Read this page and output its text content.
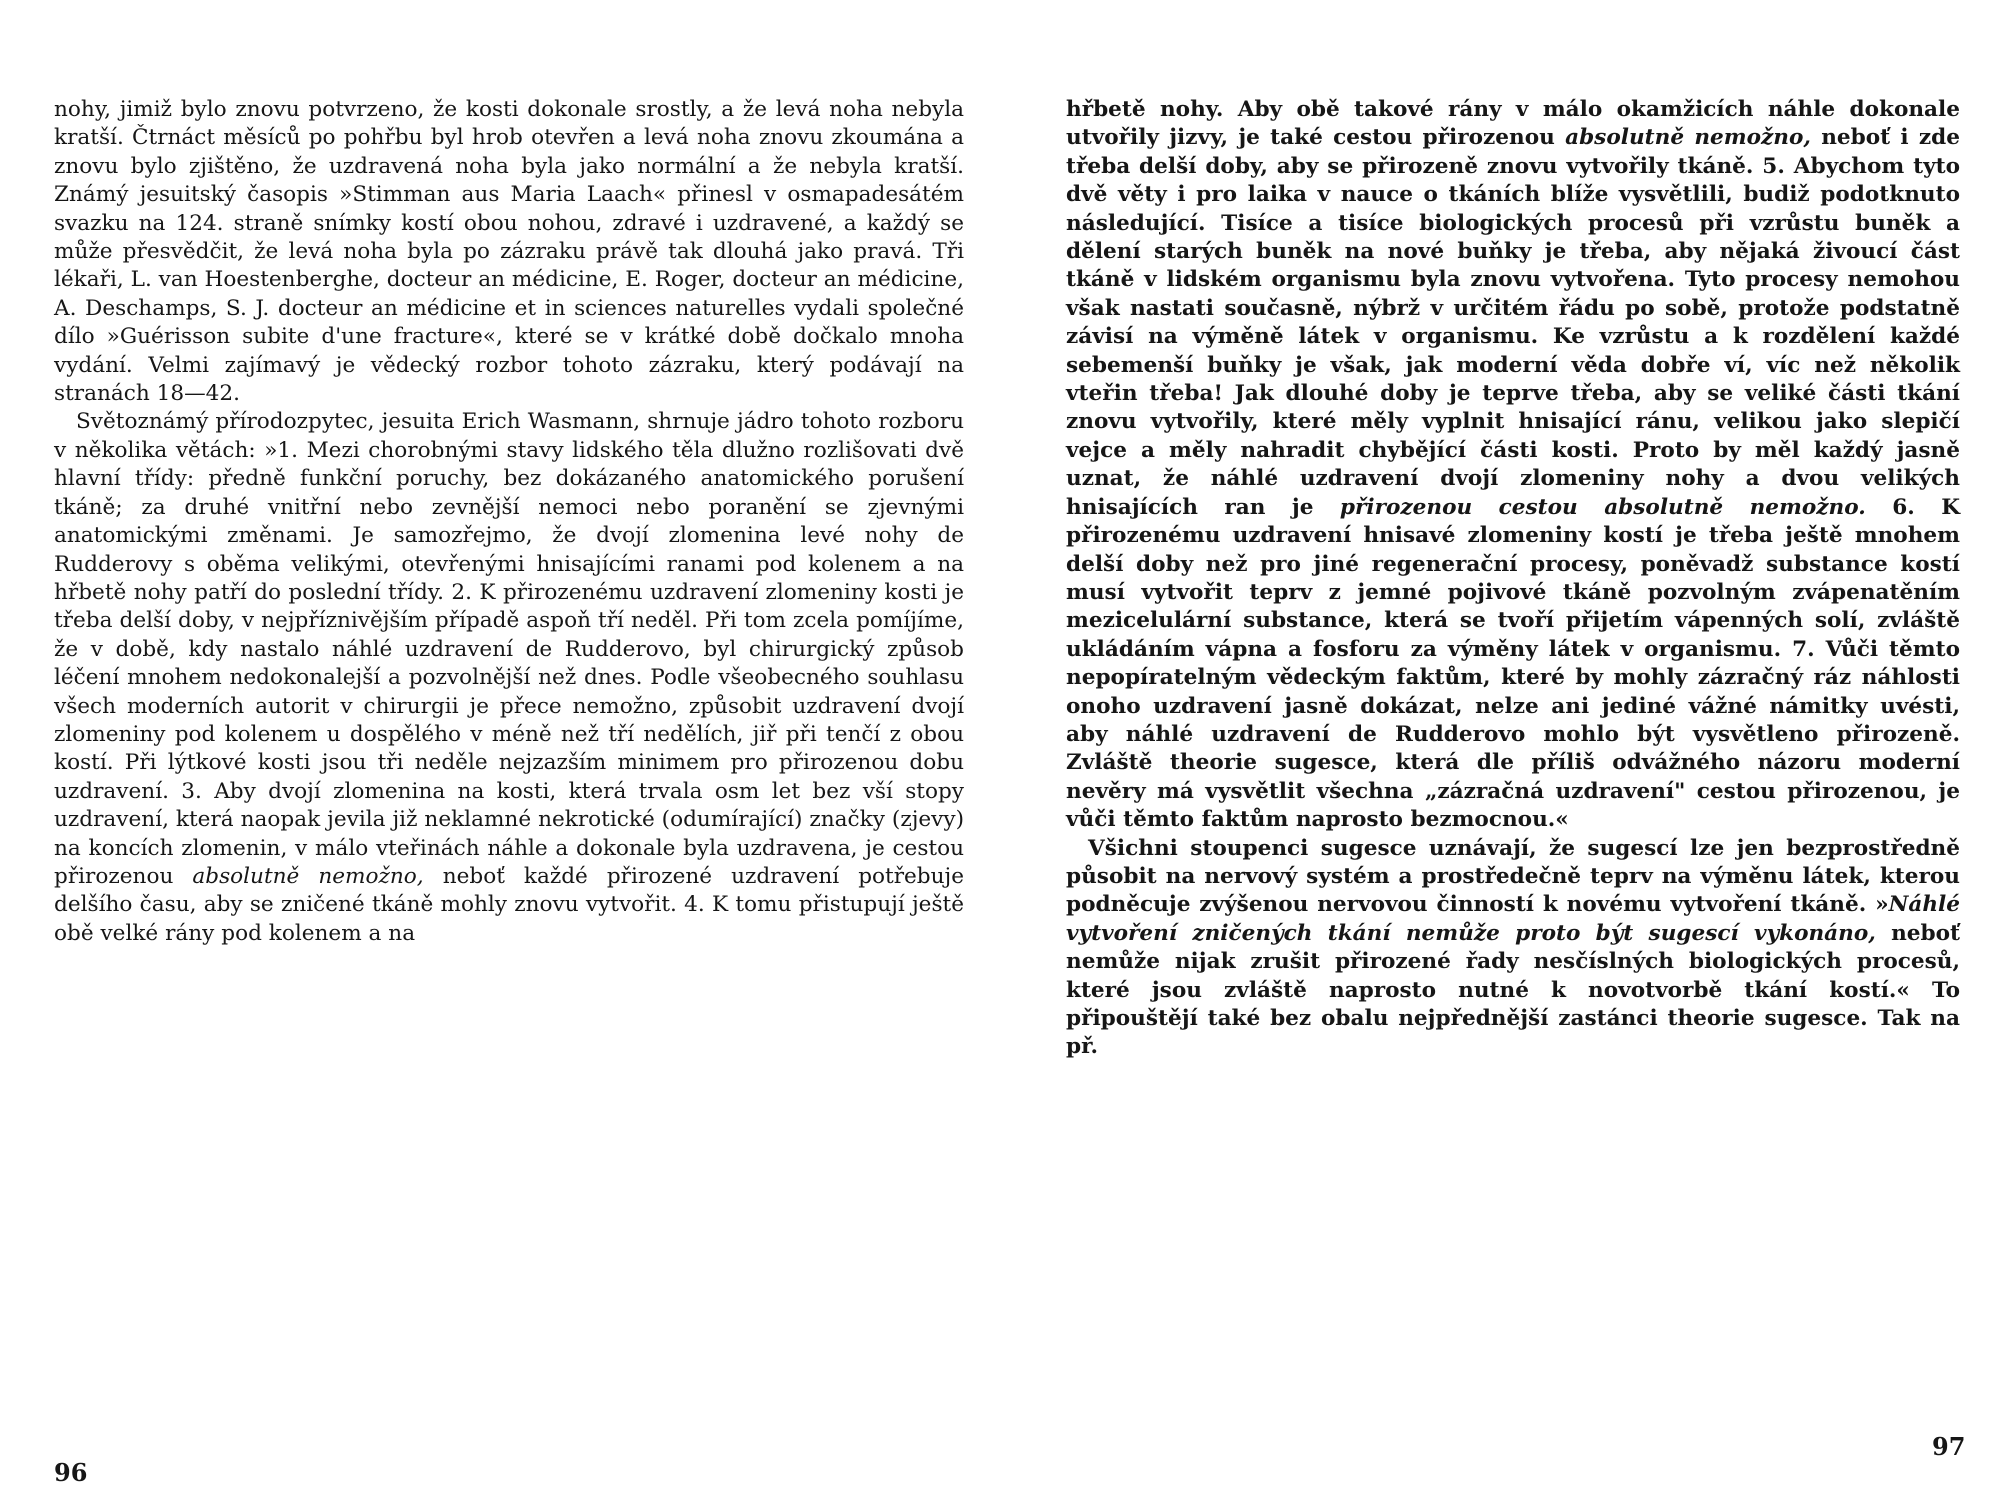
nohy, jimiž bylo znovu potvrzeno, že kosti dokonale srostly, a že levá noha nebyla kratší. Čtrnáct měsíců po pohřbu byl hrob otevřen a levá noha znovu zkoumána a znovu bylo zjištěno, že uzdravená noha byla jako normální a že nebyla kratší. Známý jesuitský časopis »Stimman aus Maria Laach« přinesl v osmapadesátém svazku na 124. straně snímky kostí obou nohou, zdravé i uzdravené, a každý se může přesvědčit, že levá noha byla po zázraku právě tak dlouhá jako pravá. Tři lékaři, L. van Hoestenberghe, docteur an médicine, E. Roger, docteur an médicine, A. Deschamps, S. J. docteur an médicine et in sciences naturelles vydali společné dílo »Guérisson subite d'une fracture«, které se v krátké době dočkalo mnoha vydání. Velmi zajímavý je vědecký rozbor tohoto zázraku, který podávají na stranách 18—42.

Světoznámý přírodozpytec, jesuita Erich Wasmann, shrnuje jádro tohoto rozboru v několika větách: »1. Mezi chorobnými stavy lidského těla dlužno rozlišovati dvě hlavní třídy: předně funkční poruchy, bez dokázaného anatomického porušení tkáně; za druhé vnitřní nebo zevnější nemoci nebo poranění se zjevnými anatomickými změnami. Je samozřejmo, že dvojí zlomenina levé nohy de Rudderovy s oběma velikými, otevřenými hnisajícími ranami pod kolenem a na hřbetě nohy patří do poslední třídy. 2. K přirozenému uzdravení zlomeniny kosti je třeba delší doby, v nejpříznivějším případě aspoň tří neděl. Při tom zcela pomíjíme, že v době, kdy nastalo náhlé uzdravení de Rudderovo, byl chirurgický způsob léčení mnohem nedokonalejší a pozvolnější než dnes. Podle všeobecného souhlasu všech moderních autorit v chirurgii je přece nemožno, způsobit uzdravení dvojí zlomeniny pod kolenem u dospělého v méně než tří nedělích, jiř při tenčí z obou kostí. Při lýtkové kosti jsou tři neděle nejzazším minimem pro přirozenou dobu uzdravení. 3. Aby dvojí zlomenina na kosti, která trvala osm let bez vší stopy uzdravení, která naopak jevila již neklamné nekrotické (odumírající) značky (zjevy) na koncích zlomenin, v málo vteřinách náhle a dokonale byla uzdravena, je cestou přirozenou absolutně nemožno, neboť každé přirozené uzdravení potřebuje delšího času, aby se zničené tkáně mohly znovu vytvořit. 4. K tomu přistupují ještě obě velké rány pod kolenem a na

96

hřbetě nohy. Aby obě takové rány v málo okamžicích náhle dokonale utvořily jizvy, je také cestou přirozenou absolutně nemožno, neboť i zde třeba delší doby, aby se přirozeně znovu vytvořily tkáně. 5. Abychom tyto dvě věty i pro laika v nauce o tkáních blíže vysvětlili, budiž podotknuto následující. Tisíce a tisíce biologických procesů při vzrůstu buněk a dělení starých buněk na nové buňky je třeba, aby nějaká živoucí část tkáně v lidském organismu byla znovu vytvořena. Tyto procesy nemohou však nastati současně, nýbrž v určitém řádu po sobě, protože podstatně závisí na výměně látek v organismu. Ke vzrůstu a k rozdělení každé sebemenší buňky je však, jak moderní věda dobře ví, víc než několik vteřin třeba! Jak dlouhé doby je teprve třeba, aby se veliké části tkání znovu vytvořily, které měly vyplnit hnisající ránu, velikou jako slepičí vejce a měly nahradit chybějící části kosti. Proto by měl každý jasně uznat, že náhlé uzdravení dvojí zlomeniny nohy a dvou velikých hnisajících ran je přirozenou cestou absolutně nemožno. 6. K přirozenému uzdravení hnisavé zlomeniny kostí je třeba ještě mnohem delší doby než pro jiné regenerační procesy, poněvadž substance kostí musí vytvořit teprv z jemné pojivové tkáně pozvolným zvápenatěním mezicelulární substance, která se tvoří přijetím vápenných solí, zvláště ukládáním vápna a fosforu za výměny látek v organismu. 7. Vůči těmto nepopíratelným vědeckým faktům, které by mohly zázračný ráz náhlosti onoho uzdravení jasně dokázat, nelze ani jediné vážné námitky uvésti, aby náhlé uzdravení de Rudderovo mohlo být vysvětleno přirozeně. Zvláště theorie sugesce, která dle příliš odvážného názoru moderní nevěry má vysvětlit všechna „zázračná uzdravení" cestou přirozenou, je vůči těmto faktům naprosto bezmocnou.«

Všichni stoupenci sugesce uznávají, že sugescí lze jen bezprostředně působit na nervový systém a prostředečně teprv na výměnu látek, kterou podněcuje zvýšenou nervovou činností k novému vytvoření tkáně. »Náhlé vytvoření zničených tkání nemůže proto být sugescí vykonáno, neboť nemůže nijak zrušit přirozené řady nesčíslných biologických procesů, které jsou zvláště naprosto nutné k novotvorbě tkání kostí.« To připouštějí také bez obalu nejpřednější zastánci theorie sugesce. Tak na př.

97
